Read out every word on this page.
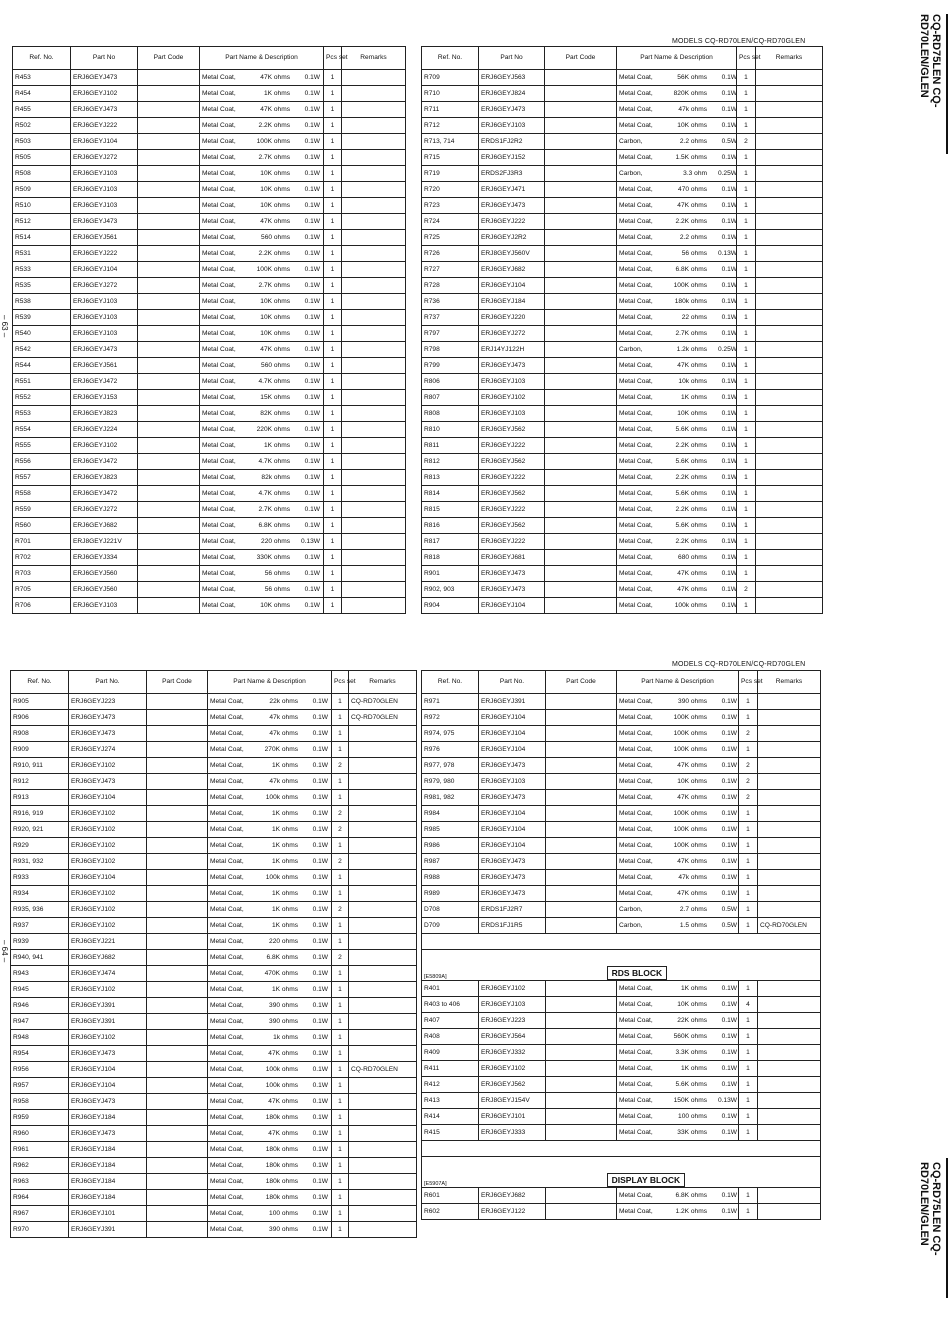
MODELS CQ-RD70LEN/CQ-RD70GLEN
– 63 –
Ref. No.	Part No	Part Code	Part Name & Description	Pcs set	Remarks
R453	ERJ6GEYJ473		Metal Coat, 47K ohms 0.1W	1	
R454	ERJ6GEYJ102		Metal Coat, 1K ohms 0.1W	1	
R455	ERJ6GEYJ473		Metal Coat, 47K ohms 0.1W	1	
R502	ERJ6GEYJ222		Metal Coat, 2.2K ohms 0.1W	1	
R503	ERJ6GEYJ104		Metal Coat, 100K ohms 0.1W	1	
R505	ERJ6GEYJ272		Metal Coat, 2.7K ohms 0.1W	1	
R508	ERJ6GEYJ103		Metal Coat, 10K ohms 0.1W	1	
R509	ERJ6GEYJ103		Metal Coat, 10K ohms 0.1W	1	
R510	ERJ6GEYJ103		Metal Coat, 10K ohms 0.1W	1	
R512	ERJ6GEYJ473		Metal Coat, 47K ohms 0.1W	1	
R514	ERJ6GEYJ561		Metal Coat, 560 ohms 0.1W	1	
R531	ERJ6GEYJ222		Metal Coat, 2.2K ohms 0.1W	1	
R533	ERJ6GEYJ104		Metal Coat, 100K ohms 0.1W	1	
R535	ERJ6GEYJ272		Metal Coat, 2.7K ohms 0.1W	1	
R538	ERJ6GEYJ103		Metal Coat, 10K ohms 0.1W	1	
R539	ERJ6GEYJ103		Metal Coat, 10K ohms 0.1W	1	
R540	ERJ6GEYJ103		Metal Coat, 10K ohms 0.1W	1	
R542	ERJ6GEYJ473		Metal Coat, 47K ohms 0.1W	1	
R544	ERJ6GEYJ561		Metal Coat, 560 ohms 0.1W	1	
R551	ERJ6GEYJ472		Metal Coat, 4.7K ohms 0.1W	1	
R552	ERJ6GEYJ153		Metal Coat, 15K ohms 0.1W	1	
R553	ERJ6GEYJ823		Metal Coat, 82K ohms 0.1W	1	
R554	ERJ6GEYJ224		Metal Coat, 220K ohms 0.1W	1	
R555	ERJ6GEYJ102		Metal Coat, 1K ohms 0.1W	1	
R556	ERJ6GEYJ472		Metal Coat, 4.7K ohms 0.1W	1	
R557	ERJ6GEYJ823		Metal Coat, 82k ohms 0.1W	1	
R558	ERJ6GEYJ472		Metal Coat, 4.7K ohms 0.1W	1	
R559	ERJ6GEYJ272		Metal Coat, 2.7K ohms 0.1W	1	
R560	ERJ6GEYJ682		Metal Coat, 6.8K ohms 0.1W	1	
R701	ERJ8GEYJ221V		Metal Coat, 220 ohms 0.13W	1	
R702	ERJ6GEYJ334		Metal Coat, 330K ohms 0.1W	1	
R703	ERJ6GEYJ560		Metal Coat, 56 ohms 0.1W	1	
R705	ERJ6GEYJ560		Metal Coat, 56 ohms 0.1W	1	
R706	ERJ6GEYJ103		Metal Coat, 10K ohms 0.1W	1	
Ref. No.	Part No	Part Code	Part Name & Description	Pcs set	Remarks
R709	ERJ6GEYJ563		Metal Coat, 56K ohms 0.1W	1	
R710	ERJ6GEYJ824		Metal Coat, 820K ohms 0.1W	1	
R711	ERJ6GEYJ473		Metal Coat, 47k ohms 0.1W	1	
R712	ERJ6GEYJ103		Metal Coat, 10K ohms 0.1W	1	
R713, 714	ERDS1FJ2R2		Carbon, 2.2 ohms 0.5W	2	
R715	ERJ6GEYJ152		Metal Coat, 1.5K ohms 0.1W	1	
R719	ERDS2FJ3R3		Carbon, 3.3 ohm 0.25W	1	
R720	ERJ6GEYJ471		Metal Coat, 470 ohms 0.1W	1	
R723	ERJ6GEYJ473		Metal Coat, 47K ohms 0.1W	1	
R724	ERJ6GEYJ222		Metal Coat, 2.2K ohms 0.1W	1	
R725	ERJ6GEYJ2R2		Metal Coat, 2.2 ohms 0.1W	1	
R726	ERJ8GEYJ560V		Metal Coat, 56 ohms 0.13W	1	
R727	ERJ6GEYJ682		Metal Coat, 6.8K ohms 0.1W	1	
R728	ERJ6GEYJ104		Metal Coat, 100K ohms 0.1W	1	
R736	ERJ6GEYJ184		Metal Coat, 180k ohms 0.1W	1	
R737	ERJ6GEYJ220		Metal Coat, 22 ohms 0.1W	1	
R797	ERJ6GEYJ272		Metal Coat, 2.7K ohms 0.1W	1	
R798	ERJ14YJ122H		Carbon, 1.2k ohms 0.25W	1	
R799	ERJ6GEYJ473		Metal Coat, 47K ohms 0.1W	1	
R806	ERJ6GEYJ103		Metal Coat, 10k ohms 0.1W	1	
R807	ERJ6GEYJ102		Metal Coat, 1K ohms 0.1W	1	
R808	ERJ6GEYJ103		Metal Coat, 10K ohms 0.1W	1	
R810	ERJ6GEYJ562		Metal Coat, 5.6K ohms 0.1W	1	
R811	ERJ6GEYJ222		Metal Coat, 2.2K ohms 0.1W	1	
R812	ERJ6GEYJ562		Metal Coat, 5.6K ohms 0.1W	1	
R813	ERJ6GEYJ222		Metal Coat, 2.2K ohms 0.1W	1	
R814	ERJ6GEYJ562		Metal Coat, 5.6K ohms 0.1W	1	
R815	ERJ6GEYJ222		Metal Coat, 2.2K ohms 0.1W	1	
R816	ERJ6GEYJ562		Metal Coat, 5.6K ohms 0.1W	1	
R817	ERJ6GEYJ222		Metal Coat, 2.2K ohms 0.1W	1	
R818	ERJ6GEYJ681		Metal Coat, 680 ohms 0.1W	1	
R901	ERJ6GEYJ473		Metal Coat, 47K ohms 0.1W	1	
R902, 903	ERJ6GEYJ473		Metal Coat, 47K ohms 0.1W	2	
R904	ERJ6GEYJ104		Metal Coat, 100k ohms 0.1W	1	
MODELS CQ-RD70LEN/CQ-RD70GLEN
– 64 –
Ref. No.	Part No.	Part Code	Part Name & Description	Pcs set	Remarks
R905	ERJ6GEYJ223		Metal Coat, 22k ohms 0.1W	1	CQ-RD70GLEN
R906	ERJ6GEYJ473		Metal Coat, 47k ohms 0.1W	1	CQ-RD70GLEN
R908	ERJ6GEYJ473		Metal Coat, 47k ohms 0.1W	1	
R909	ERJ6GEYJ274		Metal Coat, 270K ohms 0.1W	1	
R910, 911	ERJ6GEYJ102		Metal Coat, 1K ohms 0.1W	2	
R912	ERJ6GEYJ473		Metal Coat, 47k ohms 0.1W	1	
R913	ERJ6GEYJ104		Metal Coat, 100k ohms 0.1W	1	
R916, 919	ERJ6GEYJ102		Metal Coat, 1K ohms 0.1W	2	
R920, 921	ERJ6GEYJ102		Metal Coat, 1K ohms 0.1W	2	
R929	ERJ6GEYJ102		Metal Coat, 1K ohms 0.1W	1	
R931, 932	ERJ6GEYJ102		Metal Coat, 1K ohms 0.1W	2	
R933	ERJ6GEYJ104		Metal Coat, 100k ohms 0.1W	1	
R934	ERJ6GEYJ102		Metal Coat, 1K ohms 0.1W	1	
R935, 936	ERJ6GEYJ102		Metal Coat, 1K ohms 0.1W	2	
R937	ERJ6GEYJ102		Metal Coat, 1K ohms 0.1W	1	
R939	ERJ6GEYJ221		Metal Coat, 220 ohms 0.1W	1	
R940, 941	ERJ6GEYJ682		Metal Coat, 6.8K ohms 0.1W	2	
R943	ERJ6GEYJ474		Metal Coat, 470K ohms 0.1W	1	
R945	ERJ6GEYJ102		Metal Coat, 1K ohms 0.1W	1	
R946	ERJ6GEYJ391		Metal Coat, 390 ohms 0.1W	1	
R947	ERJ6GEYJ391		Metal Coat, 390 ohms 0.1W	1	
R948	ERJ6GEYJ102		Metal Coat, 1k ohms 0.1W	1	
R954	ERJ6GEYJ473		Metal Coat, 47K ohms 0.1W	1	
R956	ERJ6GEYJ104		Metal Coat, 100k ohms 0.1W	1	CQ-RD70GLEN
R957	ERJ6GEYJ104		Metal Coat, 100k ohms 0.1W	1	
R958	ERJ6GEYJ473		Metal Coat, 47K ohms 0.1W	1	
R959	ERJ6GEYJ184		Metal Coat, 180k ohms 0.1W	1	
R960	ERJ6GEYJ473		Metal Coat, 47K ohms 0.1W	1	
R961	ERJ6GEYJ184		Metal Coat, 180k ohms 0.1W	1	
R962	ERJ6GEYJ184		Metal Coat, 180k ohms 0.1W	1	
R963	ERJ6GEYJ184		Metal Coat, 180k ohms 0.1W	1	
R964	ERJ6GEYJ184		Metal Coat, 180k ohms 0.1W	1	
R967	ERJ6GEYJ101		Metal Coat, 100 ohms 0.1W	1	
R970	ERJ6GEYJ391		Metal Coat, 390 ohms 0.1W	1	
Ref. No.	Part No.	Part Code	Part Name & Description	Pcs set	Remarks
R971	ERJ6GEYJ391		Metal Coat, 390 ohms 0.1W	1	
R972	ERJ6GEYJ104		Metal Coat, 100K ohms 0.1W	1	
R974, 975	ERJ6GEYJ104		Metal Coat, 100K ohms 0.1W	2	
R976	ERJ6GEYJ104		Metal Coat, 100K ohms 0.1W	1	
R977, 978	ERJ6GEYJ473		Metal Coat, 47K ohms 0.1W	2	
R979, 980	ERJ6GEYJ103		Metal Coat, 10K ohms 0.1W	2	
R981, 982	ERJ6GEYJ473		Metal Coat, 47K ohms 0.1W	2	
R984	ERJ6GEYJ104		Metal Coat, 100K ohms 0.1W	1	
R985	ERJ6GEYJ104		Metal Coat, 100K ohms 0.1W	1	
R986	ERJ6GEYJ104		Metal Coat, 100K ohms 0.1W	1	
R987	ERJ6GEYJ473		Metal Coat, 47K ohms 0.1W	1	
R988	ERJ6GEYJ473		Metal Coat, 47k ohms 0.1W	1	
R989	ERJ6GEYJ473		Metal Coat, 47K ohms 0.1W	1	
D708	ERDS1FJ2R7		Carbon, 2.7 ohms 0.5W	1	
D709	ERDS1FJ1R5		Carbon, 1.5 ohms 0.5W	1	CQ-RD70GLEN

[E5809A] RDS BLOCK					
R401	ERJ6GEYJ102		Metal Coat, 1K ohms 0.1W	1	
R403 to 406	ERJ6GEYJ103		Metal Coat, 10K ohms 0.1W	4	
R407	ERJ6GEYJ223		Metal Coat, 22K ohms 0.1W	1	
R408	ERJ6GEYJ564		Metal Coat, 560K ohms 0.1W	1	
R409	ERJ6GEYJ332		Metal Coat, 3.3K ohms 0.1W	1	
R411	ERJ6GEYJ102		Metal Coat, 1K ohms 0.1W	1	
R412	ERJ6GEYJ562		Metal Coat, 5.6K ohms 0.1W	1	
R413	ERJ8GEYJ154V		Metal Coat, 150K ohms 0.13W	1	
R414	ERJ6GEYJ101		Metal Coat, 100 ohms 0.1W	1	
R415	ERJ6GEYJ333		Metal Coat, 33K ohms 0.1W	1	

[E5907A] DISPLAY BLOCK					
R601	ERJ6GEYJ682		Metal Coat, 6.8K ohms 0.1W	1	
R602	ERJ6GEYJ122		Metal Coat, 1.2K ohms 0.1W	1	
CQ-RD75LEN CQ-RD70LEN/GLEN
CQ-RD75LEN CQ-RD70LEN/GLEN
